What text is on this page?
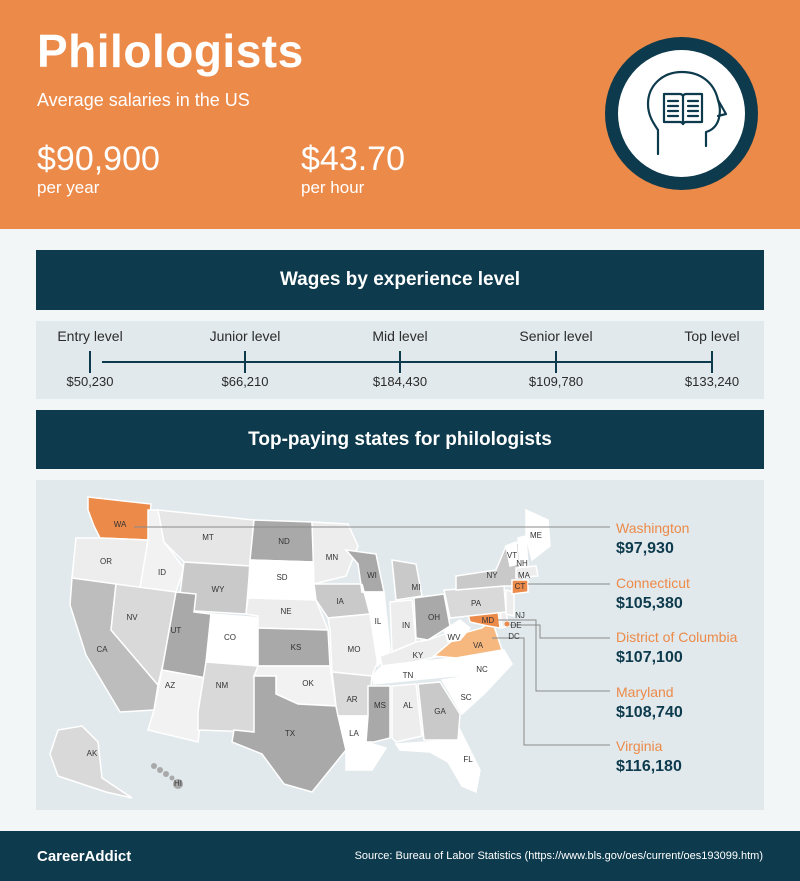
Philologists
Average salaries in the US
$90,900
per year
$43.70
per hour
Wages by experience level
Entry level	Junior level	Mid level	Senior level	Top level
$50,230	$66,210	$184,430	$109,780	$133,240
Top-paying states for philologists
WA
OR
CA
ID
NV
MT
WY
UT
AZ
CO
NM
ND
SD
NE
KS
OK
TX
MN
IA
MO
AR
LA
WI
IL
MI
IN
OH
KY
TN
MS AL
GA
FL
SC
NC
VA
WV
MD
DE
NJ
DC
PA
NY
VT
NH
ME
MA
CT
AK
HI
Washington
$97,930
Connecticut
$105,380
District of Columbia
$107,100
Maryland
$108,740
Virginia
$116,180
CareerAddict	Source: Bureau of Labor Statistics (https://www.bls.gov/oes/current/oes193099.htm)
